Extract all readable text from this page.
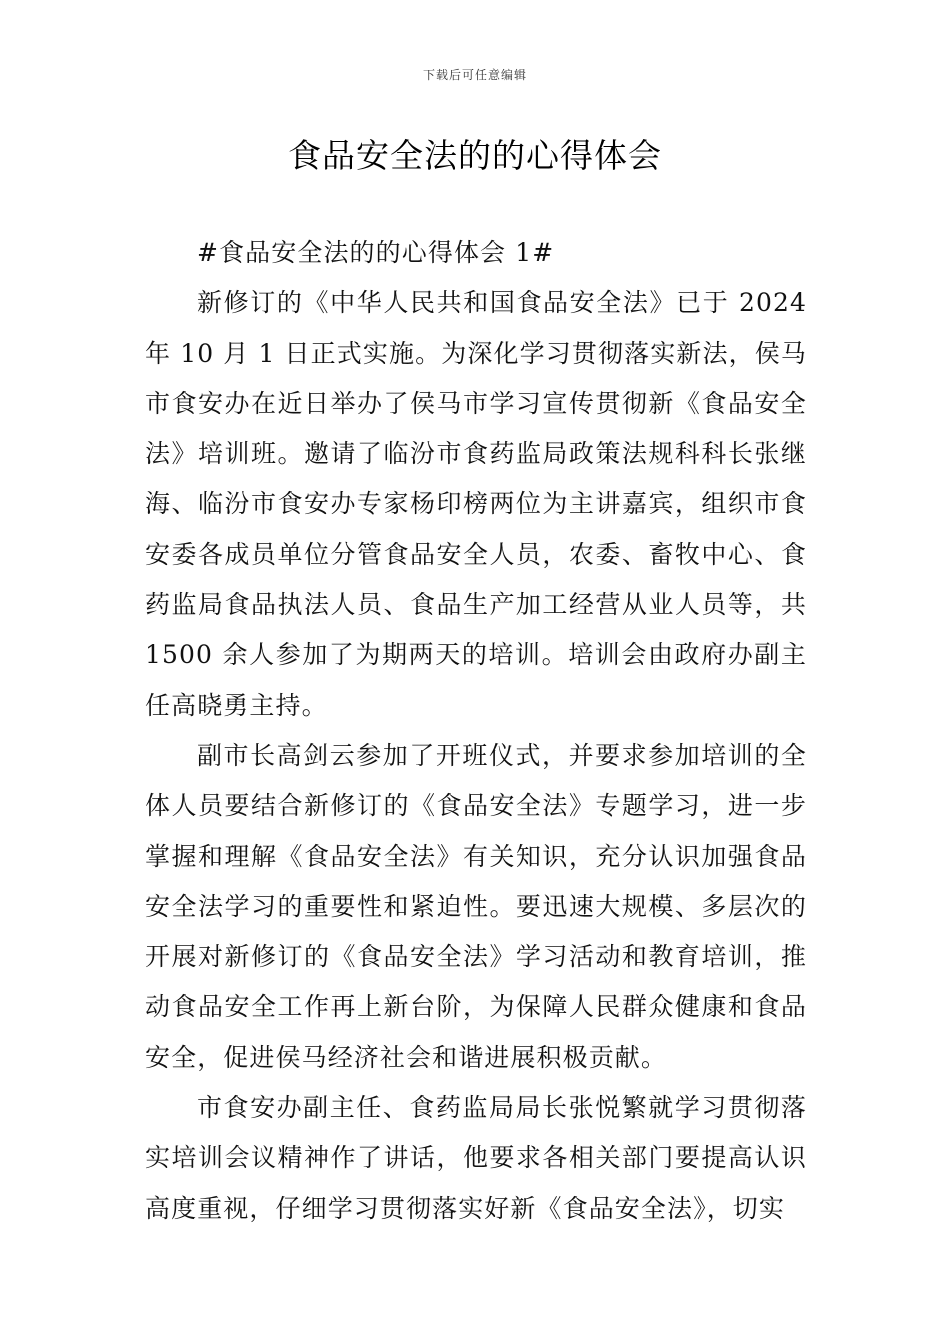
下载后可任意编辑
食品安全法的的心得体会

#食品安全法的的心得体会 1#

新修订的《中华人民共和国食品安全法》已于 2024 年 10 月 1 日正式实施。为深化学习贯彻落实新法，侯马市食安办在近日举办了侯马市学习宣传贯彻新《食品安全法》培训班。邀请了临汾市食药监局政策法规科科长张继海、临汾市食安办专家杨印榜两位为主讲嘉宾，组织市食安委各成员单位分管食品安全人员，农委、畜牧中心、食药监局食品执法人员、食品生产加工经营从业人员等，共 1500 余人参加了为期两天的培训。培训会由政府办副主任高晓勇主持。

副市长高剑云参加了开班仪式，并要求参加培训的全体人员要结合新修订的《食品安全法》专题学习，进一步掌握和理解《食品安全法》有关知识，充分认识加强食品安全法学习的重要性和紧迫性。要迅速大规模、多层次的开展对新修订的《食品安全法》学习活动和教育培训，推动食品安全工作再上新台阶，为保障人民群众健康和食品安全，促进侯马经济社会和谐进展积极贡献。

市食安办副主任、食药监局局长张悦繁就学习贯彻落实培训会议精神作了讲话，他要求各相关部门要提高认识高度重视，仔细学习贯彻落实好新《食品安全法》，切实
